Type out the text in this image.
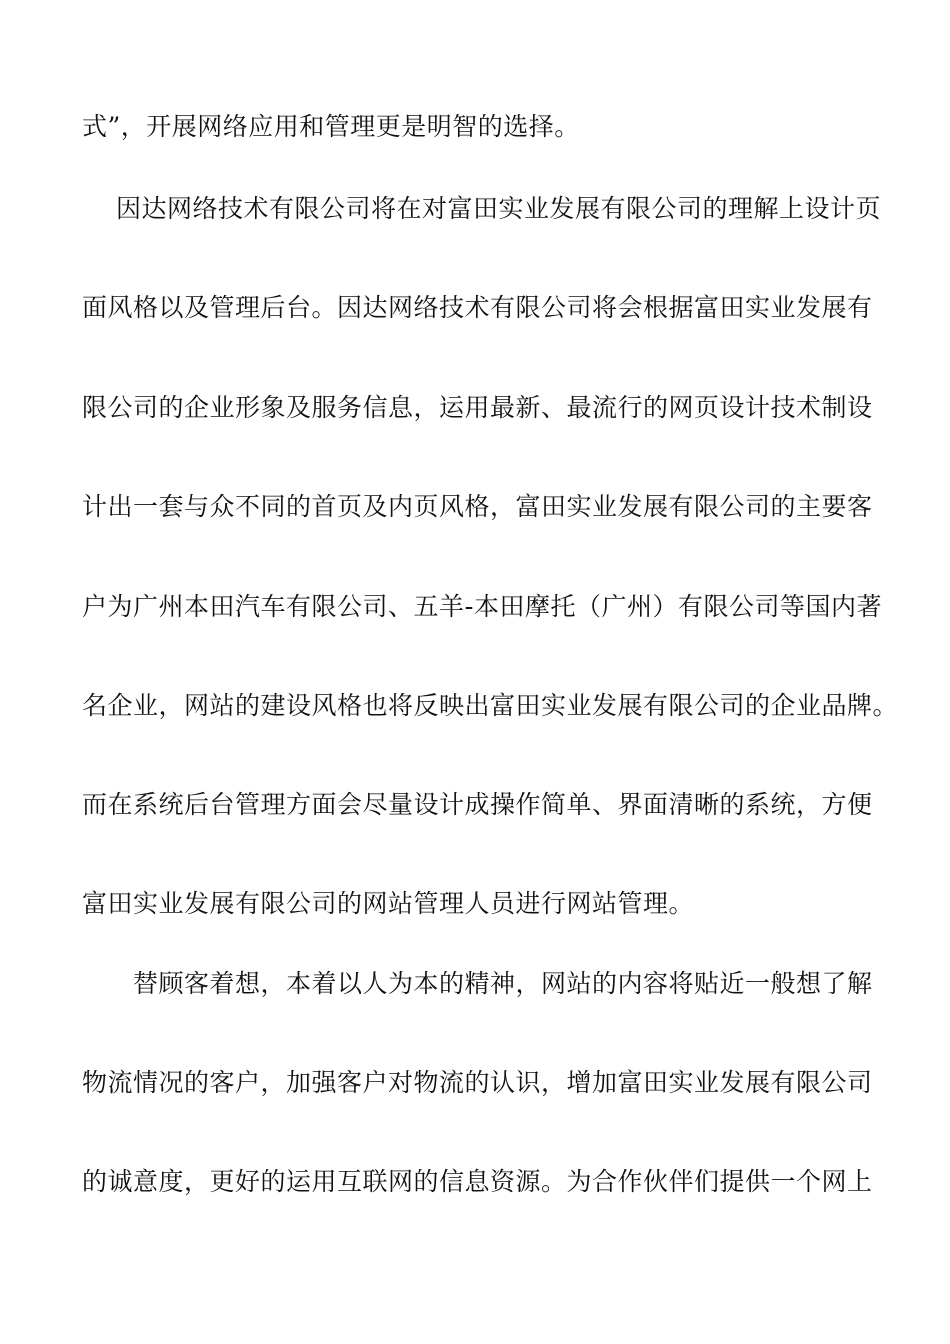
式”，开展网络应用和管理更是明智的选择。
因达网络技术有限公司将在对富田实业发展有限公司的理解上设计页
面风格以及管理后台。因达网络技术有限公司将会根据富田实业发展有
限公司的企业形象及服务信息，运用最新、最流行的网页设计技术制设
计出一套与众不同的首页及内页风格，富田实业发展有限公司的主要客
户为广州本田汽车有限公司、五羊-本田摩托（广州）有限公司等国内著
名企业，网站的建设风格也将反映出富田实业发展有限公司的企业品牌。
而在系统后台管理方面会尽量设计成操作简单、界面清晰的系统，方便
富田实业发展有限公司的网站管理人员进行网站管理。
替顾客着想，本着以人为本的精神，网站的内容将贴近一般想了解
物流情况的客户，加强客户对物流的认识，增加富田实业发展有限公司
的诚意度，更好的运用互联网的信息资源。为合作伙伴们提供一个网上
